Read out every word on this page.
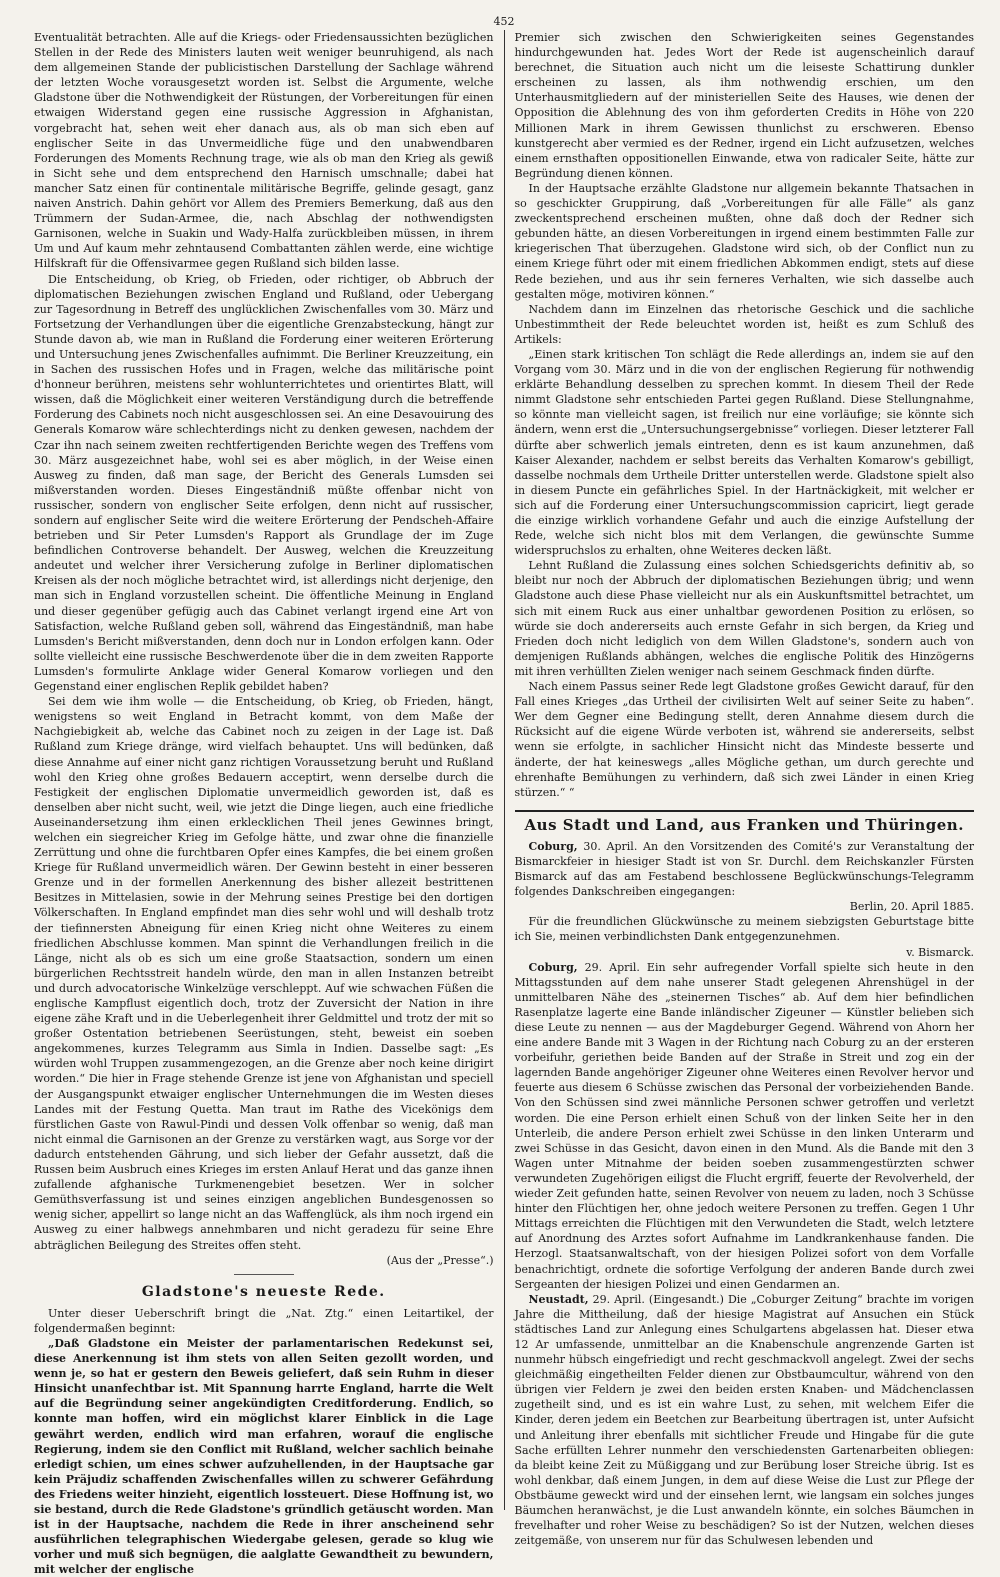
452

Eventualität betrachten. Alle auf die Kriegs- oder Friedensaussichten bezüglichen Stellen in der Rede des Ministers lauten weit weniger beunruhigend, als nach dem allgemeinen Stande der publicistischen Darstellung der Sachlage während der letzten Woche vorausgesetzt worden ist. Selbst die Argumente, welche Gladstone über die Nothwendigkeit der Rüstungen, der Vorbereitungen für einen etwaigen Widerstand gegen eine russische Aggression in Afghanistan, vorgebracht hat, sehen weit eher danach aus, als ob man sich eben auf englischer Seite in das Unvermeidliche füge und den unabwendbaren Forderungen des Moments Rechnung trage, wie als ob man den Krieg als gewiß in Sicht sehe und dem entsprechend den Harnisch umschnalle; dabei hat mancher Satz einen für continentale militärische Begriffe, gelinde gesagt, ganz naiven Anstrich. Dahin gehört vor Allem des Premiers Bemerkung, daß aus den Trümmern der Sudan-Armee, die, nach Abschlag der nothwendigsten Garnisonen, welche in Suakin und Wady-Halfa zurückbleiben müssen, in ihrem Um und Auf kaum mehr zehntausend Combattanten zählen werde, eine wichtige Hilfskraft für die Offensivarmee gegen Rußland sich bilden lasse.

Die Entscheidung, ob Krieg, ob Frieden, oder richtiger, ob Abbruch der diplomatischen Beziehungen zwischen England und Rußland, oder Uebergang zur Tagesordnung in Betreff des unglücklichen Zwischenfalles vom 30. März und Fortsetzung der Verhandlungen über die eigentliche Grenzabsteckung, hängt zur Stunde davon ab, wie man in Rußland die Forderung einer weiteren Erörterung und Untersuchung jenes Zwischenfalles aufnimmt. Die Berliner Kreuzzeitung, ein in Sachen des russischen Hofes und in Fragen, welche das militärische point d'honneur berühren, meistens sehr wohlunterrichtetes und orientirtes Blatt, will wissen, daß die Möglichkeit einer weiteren Verständigung durch die betreffende Forderung des Cabinets noch nicht ausgeschlossen sei. An eine Desavouirung des Generals Komarow wäre schlechterdings nicht zu denken gewesen, nachdem der Czar ihn nach seinem zweiten rechtfertigenden Berichte wegen des Treffens vom 30. März ausgezeichnet habe, wohl sei es aber möglich, in der Weise einen Ausweg zu finden, daß man sage, der Bericht des Generals Lumsden sei mißverstanden worden. Dieses Eingeständniß müßte offenbar nicht von russischer, sondern von englischer Seite erfolgen, denn nicht auf russischer, sondern auf englischer Seite wird die weitere Erörterung der Pendscheh-Affaire betrieben und Sir Peter Lumsden's Rapport als Grundlage der im Zuge befindlichen Controverse behandelt. Der Ausweg, welchen die Kreuzzeitung andeutet und welcher ihrer Versicherung zufolge in Berliner diplomatischen Kreisen als der noch mögliche betrachtet wird, ist allerdings nicht derjenige, den man sich in England vorzustellen scheint. Die öffentliche Meinung in England und dieser gegenüber gefügig auch das Cabinet verlangt irgend eine Art von Satisfaction, welche Rußland geben soll, während das Eingeständniß, man habe Lumsden's Bericht mißverstanden, denn doch nur in London erfolgen kann. Oder sollte vielleicht eine russische Beschwerdenote über die in dem zweiten Rapporte Lumsden's formulirte Anklage wider General Komarow vorliegen und den Gegenstand einer englischen Replik gebildet haben?

Sei dem wie ihm wolle — die Entscheidung, ob Krieg, ob Frieden, hängt, wenigstens so weit England in Betracht kommt, von dem Maße der Nachgiebigkeit ab, welche das Cabinet noch zu zeigen in der Lage ist. Daß Rußland zum Kriege dränge, wird vielfach behauptet. Uns will bedünken, daß diese Annahme auf einer nicht ganz richtigen Voraussetzung beruht und Rußland wohl den Krieg ohne großes Bedauern acceptirt, wenn derselbe durch die Festigkeit der englischen Diplomatie unvermeidlich geworden ist, daß es denselben aber nicht sucht, weil, wie jetzt die Dinge liegen, auch eine friedliche Auseinandersetzung ihm einen erklecklichen Theil jenes Gewinnes bringt, welchen ein siegreicher Krieg im Gefolge hätte, und zwar ohne die finanzielle Zerrüttung und ohne die furchtbaren Opfer eines Kampfes, die bei einem großen Kriege für Rußland unvermeidlich wären. Der Gewinn besteht in einer besseren Grenze und in der formellen Anerkennung des bisher allezeit bestrittenen Besitzes in Mittelasien, sowie in der Mehrung seines Prestige bei den dortigen Völkerschaften. In England empfindet man dies sehr wohl und will deshalb trotz der tiefinnersten Abneigung für einen Krieg nicht ohne Weiteres zu einem friedlichen Abschlusse kommen. Man spinnt die Verhandlungen freilich in die Länge, nicht als ob es sich um eine große Staatsaction, sondern um einen bürgerlichen Rechtsstreit handeln würde, den man in allen Instanzen betreibt und durch advocatorische Winkelzüge verschleppt. Auf wie schwachen Füßen die englische Kampflust eigentlich doch, trotz der Zuversicht der Nation in ihre eigene zähe Kraft und in die Ueberlegenheit ihrer Geldmittel und trotz der mit so großer Ostentation betriebenen Seerüstungen, steht, beweist ein soeben angekommenes, kurzes Telegramm aus Simla in Indien. Dasselbe sagt: „Es würden wohl Truppen zusammengezogen, an die Grenze aber noch keine dirigirt worden.“ Die hier in Frage stehende Grenze ist jene von Afghanistan und speciell der Ausgangspunkt etwaiger englischer Unternehmungen die im Westen dieses Landes mit der Festung Quetta. Man traut im Rathe des Vicekönigs dem fürstlichen Gaste von Rawul-Pindi und dessen Volk offenbar so wenig, daß man nicht einmal die Garnisonen an der Grenze zu verstärken wagt, aus Sorge vor der dadurch entstehenden Gährung, und sich lieber der Gefahr aussetzt, daß die Russen beim Ausbruch eines Krieges im ersten Anlauf Herat und das ganze ihnen zufallende afghanische Turkmenengebiet besetzen. Wer in solcher Gemüthsverfassung ist und seines einzigen angeblichen Bundesgenossen so wenig sicher, appellirt so lange nicht an das Waffenglück, als ihm noch irgend ein Ausweg zu einer halbwegs annehmbaren und nicht geradezu für seine Ehre abträglichen Beilegung des Streites offen steht.

(Aus der „Presse“.)

Gladstone's neueste Rede.

Unter dieser Ueberschrift bringt die „Nat. Ztg.“ einen Leitartikel, der folgendermaßen beginnt:

„Daß Gladstone ein Meister der parlamentarischen Redekunst sei, diese Anerkennung ist ihm stets von allen Seiten gezollt worden, und wenn je, so hat er gestern den Beweis geliefert, daß sein Ruhm in dieser Hinsicht unanfechtbar ist. Mit Spannung harrte England, harrte die Welt auf die Begründung seiner angekündigten Creditforderung. Endlich, so konnte man hoffen, wird ein möglichst klarer Einblick in die Lage gewährt werden, endlich wird man erfahren, worauf die englische Regierung, indem sie den Conflict mit Rußland, welcher sachlich beinahe erledigt schien, um eines schwer aufzuhellenden, in der Hauptsache gar kein Präjudiz schaffenden Zwischenfalles willen zu schwerer Gefährdung des Friedens weiter hinzieht, eigentlich lossteuert. Diese Hoffnung ist, wo sie bestand, durch die Rede Gladstone's gründlich getäuscht worden. Man ist in der Hauptsache, nachdem die Rede in ihrer anscheinend sehr ausführlichen telegraphischen Wiedergabe gelesen, gerade so klug wie vorher und muß sich begnügen, die aalglatte Gewandtheit zu bewundern, mit welcher der englische

Premier sich zwischen den Schwierigkeiten seines Gegenstandes hindurchgewunden hat. Jedes Wort der Rede ist augenscheinlich darauf berechnet, die Situation auch nicht um die leiseste Schattirung dunkler erscheinen zu lassen, als ihm nothwendig erschien, um den Unterhausmitgliedern auf der ministeriellen Seite des Hauses, wie denen der Opposition die Ablehnung des von ihm geforderten Credits in Höhe von 220 Millionen Mark in ihrem Gewissen thunlichst zu erschweren. Ebenso kunstgerecht aber vermied es der Redner, irgend ein Licht aufzusetzen, welches einem ernsthaften oppositionellen Einwande, etwa von radicaler Seite, hätte zur Begründung dienen können.

In der Hauptsache erzählte Gladstone nur allgemein bekannte Thatsachen in so geschickter Gruppirung, daß „Vorbereitungen für alle Fälle“ als ganz zweckentsprechend erscheinen mußten, ohne daß doch der Redner sich gebunden hätte, an diesen Vorbereitungen in irgend einem bestimmten Falle zur kriegerischen That überzugehen. Gladstone wird sich, ob der Conflict nun zu einem Kriege führt oder mit einem friedlichen Abkommen endigt, stets auf diese Rede beziehen, und aus ihr sein ferneres Verhalten, wie sich dasselbe auch gestalten möge, motiviren können.“

Nachdem dann im Einzelnen das rhetorische Geschick und die sachliche Unbestimmtheit der Rede beleuchtet worden ist, heißt es zum Schluß des Artikels:

„Einen stark kritischen Ton schlägt die Rede allerdings an, indem sie auf den Vorgang vom 30. März und in die von der englischen Regierung für nothwendig erklärte Behandlung desselben zu sprechen kommt. In diesem Theil der Rede nimmt Gladstone sehr entschieden Partei gegen Rußland. Diese Stellungnahme, so könnte man vielleicht sagen, ist freilich nur eine vorläufige; sie könnte sich ändern, wenn erst die „Untersuchungsergebnisse“ vorliegen. Dieser letzterer Fall dürfte aber schwerlich jemals eintreten, denn es ist kaum anzunehmen, daß Kaiser Alexander, nachdem er selbst bereits das Verhalten Komarow's gebilligt, dasselbe nochmals dem Urtheile Dritter unterstellen werde. Gladstone spielt also in diesem Puncte ein gefährliches Spiel. In der Hartnäckigkeit, mit welcher er sich auf die Forderung einer Untersuchungscommission capricirt, liegt gerade die einzige wirklich vorhandene Gefahr und auch die einzige Aufstellung der Rede, welche sich nicht blos mit dem Verlangen, die gewünschte Summe widerspruchslos zu erhalten, ohne Weiteres decken läßt.

Lehnt Rußland die Zulassung eines solchen Schiedsgerichts definitiv ab, so bleibt nur noch der Abbruch der diplomatischen Beziehungen übrig; und wenn Gladstone auch diese Phase vielleicht nur als ein Auskunftsmittel betrachtet, um sich mit einem Ruck aus einer unhaltbar gewordenen Position zu erlösen, so würde sie doch andererseits auch ernste Gefahr in sich bergen, da Krieg und Frieden doch nicht lediglich von dem Willen Gladstone's, sondern auch von demjenigen Rußlands abhängen, welches die englische Politik des Hinzögerns mit ihren verhüllten Zielen weniger nach seinem Geschmack finden dürfte.

Nach einem Passus seiner Rede legt Gladstone großes Gewicht darauf, für den Fall eines Krieges „das Urtheil der civilisirten Welt auf seiner Seite zu haben“. Wer dem Gegner eine Bedingung stellt, deren Annahme diesem durch die Rücksicht auf die eigene Würde verboten ist, während sie andererseits, selbst wenn sie erfolgte, in sachlicher Hinsicht nicht das Mindeste besserte und änderte, der hat keineswegs „alles Mögliche gethan, um durch gerechte und ehrenhafte Bemühungen zu verhindern, daß sich zwei Länder in einen Krieg stürzen.“ “

Aus Stadt und Land, aus Franken und Thüringen.

Coburg, 30. April. An den Vorsitzenden des Comité's zur Veranstaltung der Bismarckfeier in hiesiger Stadt ist von Sr. Durchl. dem Reichskanzler Fürsten Bismarck auf das am Festabend beschlossene Beglückwünschungs-Telegramm folgendes Dankschreiben eingegangen:

Berlin, 20. April 1885.

Für die freundlichen Glückwünsche zu meinem siebzigsten Geburtstage bitte ich Sie, meinen verbindlichsten Dank entgegenzunehmen.

v. Bismarck.

Coburg, 29. April. Ein sehr aufregender Vorfall spielte sich heute in den Mittagsstunden auf dem nahe unserer Stadt gelegenen Ahrenshügel in der unmittelbaren Nähe des „steinernen Tisches“ ab. Auf dem hier befindlichen Rasenplatze lagerte eine Bande inländischer Zigeuner — Künstler belieben sich diese Leute zu nennen — aus der Magdeburger Gegend. Während von Ahorn her eine andere Bande mit 3 Wagen in der Richtung nach Coburg zu an der ersteren vorbeifuhr, geriethen beide Banden auf der Straße in Streit und zog ein der lagernden Bande angehöriger Zigeuner ohne Weiteres einen Revolver hervor und feuerte aus diesem 6 Schüsse zwischen das Personal der vorbeiziehenden Bande. Von den Schüssen sind zwei männliche Personen schwer getroffen und verletzt worden. Die eine Person erhielt einen Schuß von der linken Seite her in den Unterleib, die andere Person erhielt zwei Schüsse in den linken Unterarm und zwei Schüsse in das Gesicht, davon einen in den Mund. Als die Bande mit den 3 Wagen unter Mitnahme der beiden soeben zusammengestürzten schwer verwundeten Zugehörigen eiligst die Flucht ergriff, feuerte der Revolverheld, der wieder Zeit gefunden hatte, seinen Revolver von neuem zu laden, noch 3 Schüsse hinter den Flüchtigen her, ohne jedoch weitere Personen zu treffen. Gegen 1 Uhr Mittags erreichten die Flüchtigen mit den Verwundeten die Stadt, welch letztere auf Anordnung des Arztes sofort Aufnahme im Landkrankenhause fanden. Die Herzogl. Staatsanwaltschaft, von der hiesigen Polizei sofort von dem Vorfalle benachrichtigt, ordnete die sofortige Verfolgung der anderen Bande durch zwei Sergeanten der hiesigen Polizei und einen Gendarmen an.

Neustadt, 29. April. (Eingesandt.) Die „Coburger Zeitung“ brachte im vorigen Jahre die Mittheilung, daß der hiesige Magistrat auf Ansuchen ein Stück städtisches Land zur Anlegung eines Schulgartens abgelassen hat. Dieser etwa 12 Ar umfassende, unmittelbar an die Knabenschule angrenzende Garten ist nunmehr hübsch eingefriedigt und recht geschmackvoll angelegt. Zwei der sechs gleichmäßig eingetheilten Felder dienen zur Obstbaumcultur, während von den übrigen vier Feldern je zwei den beiden ersten Knaben- und Mädchenclassen zugetheilt sind, und es ist ein wahre Lust, zu sehen, mit welchem Eifer die Kinder, deren jedem ein Beetchen zur Bearbeitung übertragen ist, unter Aufsicht und Anleitung ihrer ebenfalls mit sichtlicher Freude und Hingabe für die gute Sache erfüllten Lehrer nunmehr den verschiedensten Gartenarbeiten obliegen: da bleibt keine Zeit zu Müßiggang und zur Berübung loser Streiche übrig. Ist es wohl denkbar, daß einem Jungen, in dem auf diese Weise die Lust zur Pflege der Obstbäume geweckt wird und der einsehen lernt, wie langsam ein solches junges Bäumchen heranwächst, je die Lust anwandeln könnte, ein solches Bäumchen in frevelhafter und roher Weise zu beschädigen? So ist der Nutzen, welchen dieses zeitgemäße, von unserem nur für das Schulwesen lebenden und
